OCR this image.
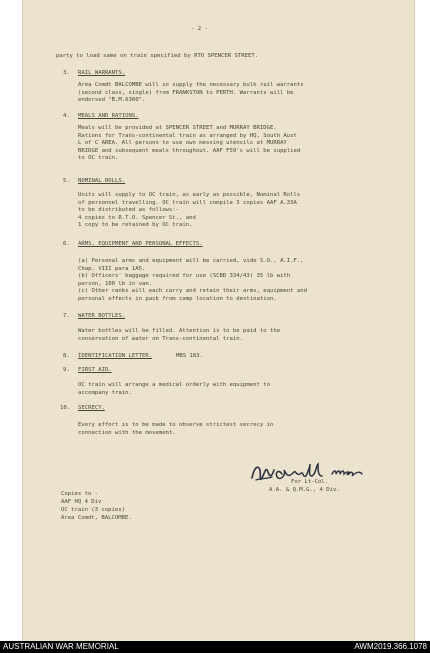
- 2 -
party to load same on train specified by RTO SPENCER STREET.
3. RAIL WARRANTS.
Area Comdt BALCOMBE will so supply the necessary bulk rail warrants
(second class, single) from FRANKSTON to PERTH. Warrants will be
endorsed "B.M.6360".
4. MEALS AND RATIONS.
Meals will be provided at SPENCER STREET and MURRAY BRIDGE.
Rations for Trans-continental train as arranged by HQ, South Aust
L of C AREA. All persons to use own messing utensils at MURRAY
BRIDGE and subsequent meals throughout. AAF F59's will be supplied
to OC train.
5. NOMINAL ROLLS.
Units will supply to OC train, as early as possible, Nominal Rolls
of personnel travelling. OC train will compile 3 copies AAF A.33A
to be distributed as follows:-
4 copies to R.T.O. Spencer St., and
1 copy to be retained by OC train.
6. ARMS, EQUIPMENT AND PERSONAL EFFECTS.
(a) Personal arms and equipment will be carried, vide S.O., A.I.F.,
Chap. VIII para 1A5.
(b) Officers' baggage required for use (SCBD 334/43) 35 lb with
person, 100 lb in van.
(c) Other ranks will each carry and retain their arms, equipment and
personal effects in pack from camp location to destination.
7. WATER BOTTLES.
Water bottles will be filled. Attention is to be paid to the
conservation of water on Trans-continental train.
8. IDENTIFICATION LETTER.	MBS 183.
9. FIRST AID.
OC train will arrange a medical orderly with equipment to
accompany train.
10. SECRECY.
Every effort is to be made to observe strictest secrecy in
connection with the movement.
For Lt-Col.
A.A. & Q.M.G., 4 Div.
Copies to -
AAF HQ 4 Div
OC train (3 copies)
Area Comdt, BALCOMBE.
AUSTRALIAN WAR MEMORIAL	AWM2019.366.1078
